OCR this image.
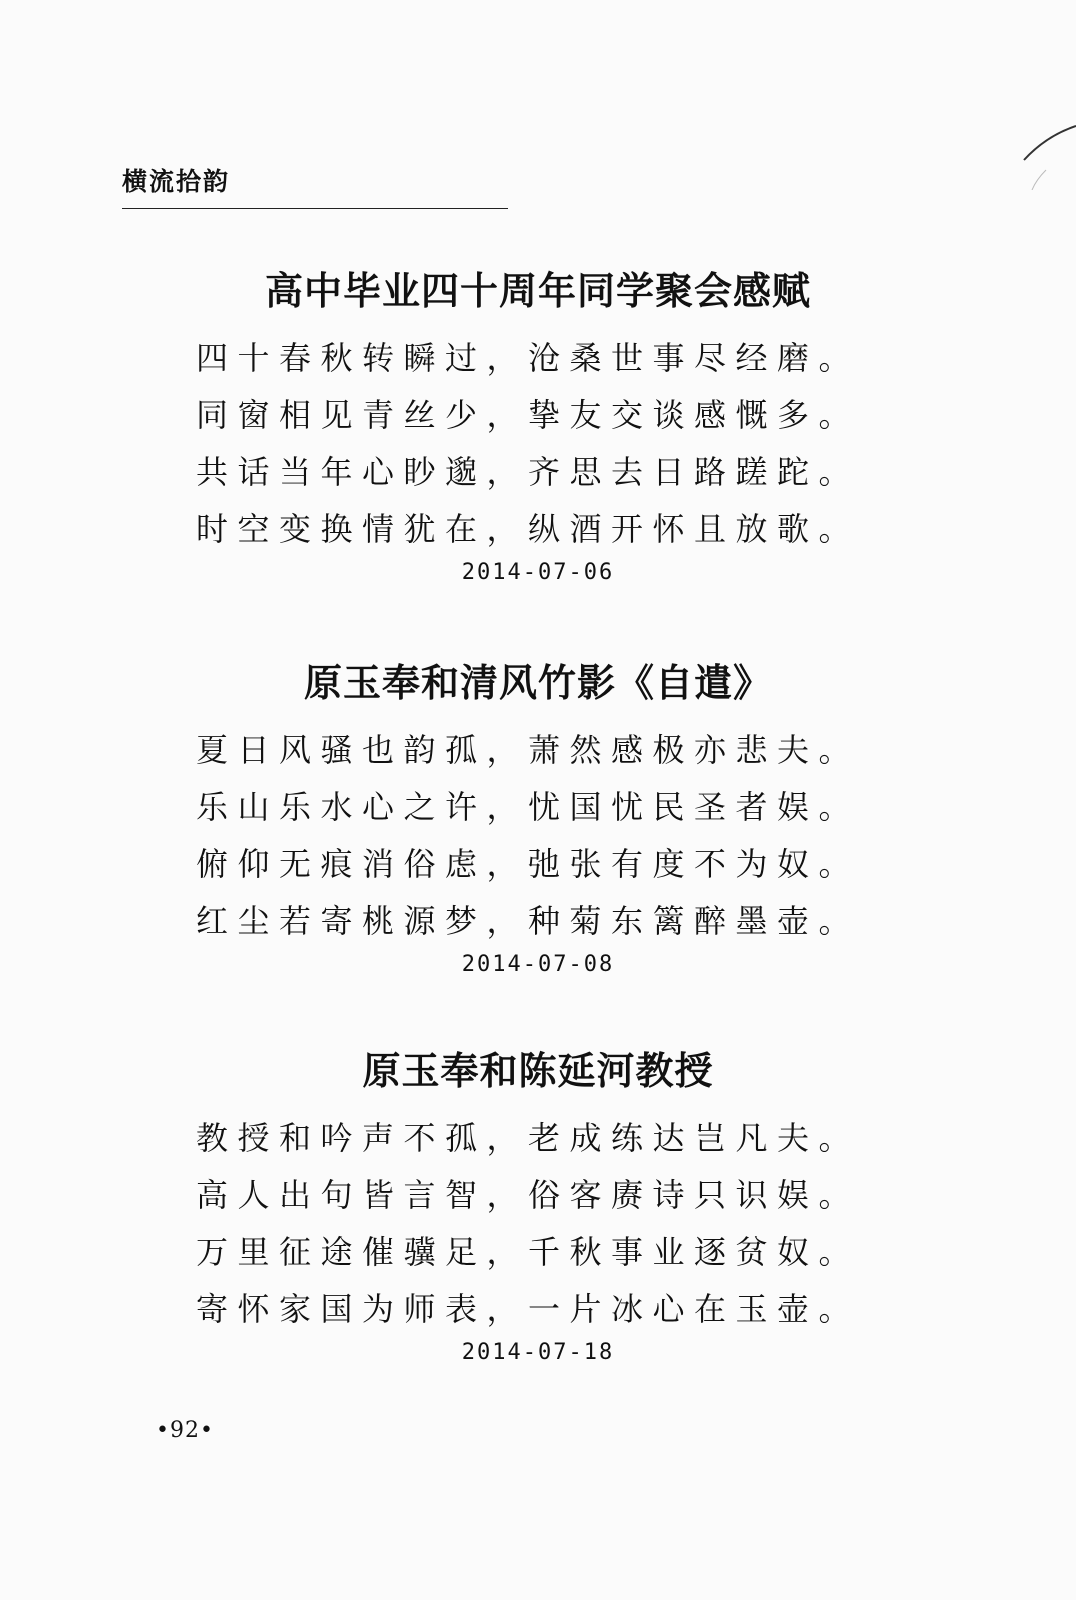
横流拾韵
高中毕业四十周年同学聚会感赋
四十春秋转瞬过，沧桑世事尽经磨。
同窗相见青丝少，挚友交谈感慨多。
共话当年心眇邈，齐思去日路蹉跎。
时空变换情犹在，纵酒开怀且放歌。
2014-07-06
原玉奉和清风竹影《自遣》
夏日风骚也韵孤，萧然感极亦悲夫。
乐山乐水心之许，忧国忧民圣者娱。
俯仰无痕消俗虑，弛张有度不为奴。
红尘若寄桃源梦，种菊东篱醉墨壶。
2014-07-08
原玉奉和陈延河教授
教授和吟声不孤，老成练达岂凡夫。
高人出句皆言智，俗客赓诗只识娱。
万里征途催骥足，千秋事业逐贫奴。
寄怀家国为师表，一片冰心在玉壶。
2014-07-18
•92•
